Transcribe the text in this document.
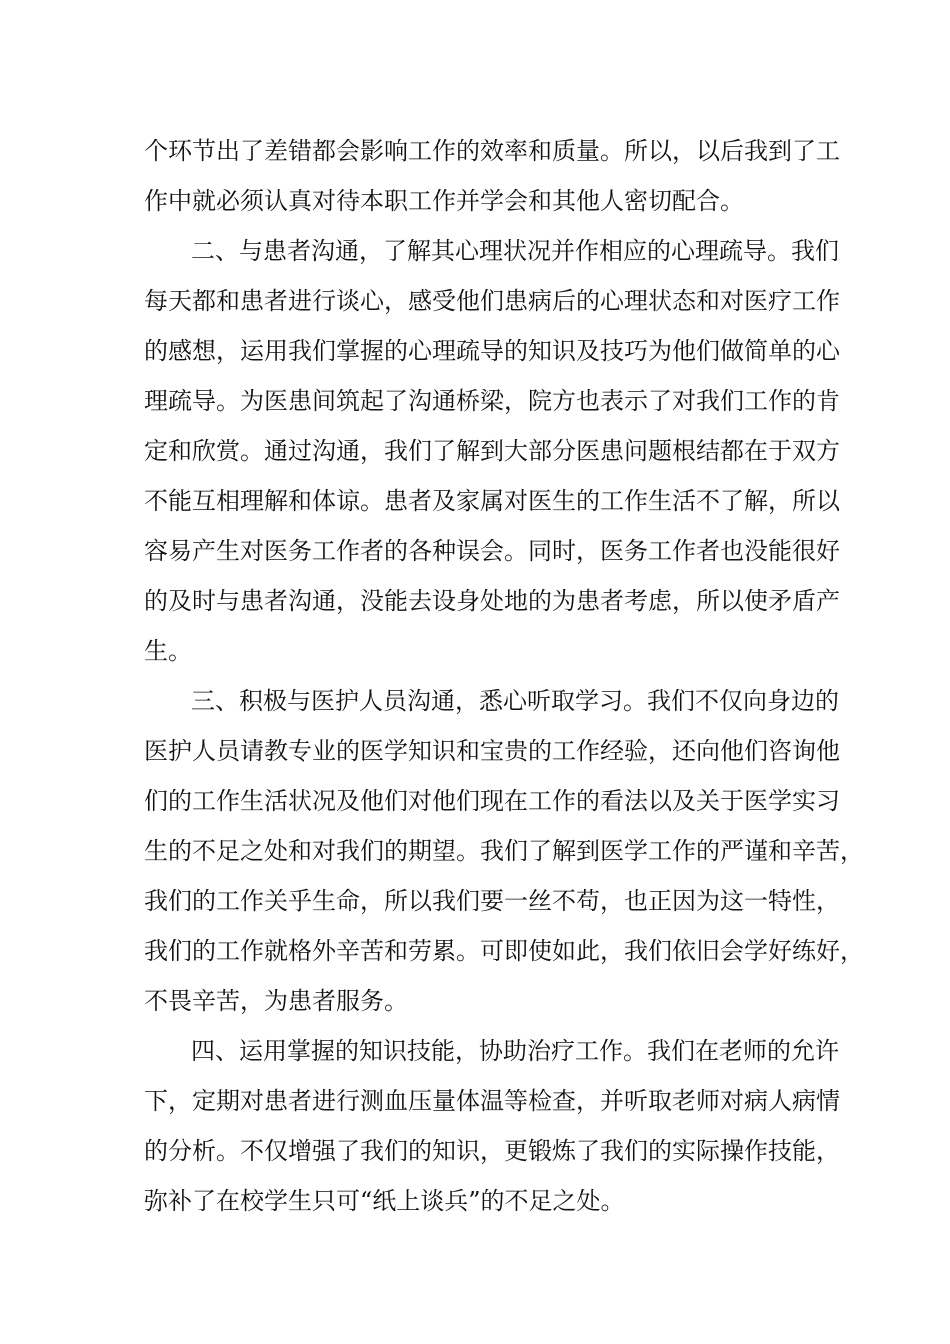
个环节出了差错都会影响工作的效率和质量。所以，以后我到了工
作中就必须认真对待本职工作并学会和其他人密切配合。
二、与患者沟通，了解其心理状况并作相应的心理疏导。我们
每天都和患者进行谈心，感受他们患病后的心理状态和对医疗工作
的感想，运用我们掌握的心理疏导的知识及技巧为他们做简单的心
理疏导。为医患间筑起了沟通桥梁，院方也表示了对我们工作的肯
定和欣赏。通过沟通，我们了解到大部分医患问题根结都在于双方
不能互相理解和体谅。患者及家属对医生的工作生活不了解，所以
容易产生对医务工作者的各种误会。同时，医务工作者也没能很好
的及时与患者沟通，没能去设身处地的为患者考虑，所以使矛盾产
生。
三、积极与医护人员沟通，悉心听取学习。我们不仅向身边的
医护人员请教专业的医学知识和宝贵的工作经验，还向他们咨询他
们的工作生活状况及他们对他们现在工作的看法以及关于医学实习
生的不足之处和对我们的期望。我们了解到医学工作的严谨和辛苦，
我们的工作关乎生命，所以我们要一丝不苟，也正因为这一特性，
我们的工作就格外辛苦和劳累。可即使如此，我们依旧会学好练好，
不畏辛苦，为患者服务。
四、运用掌握的知识技能，协助治疗工作。我们在老师的允许
下，定期对患者进行测血压量体温等检查，并听取老师对病人病情
的分析。不仅增强了我们的知识，更锻炼了我们的实际操作技能，
弥补了在校学生只可“纸上谈兵”的不足之处。
